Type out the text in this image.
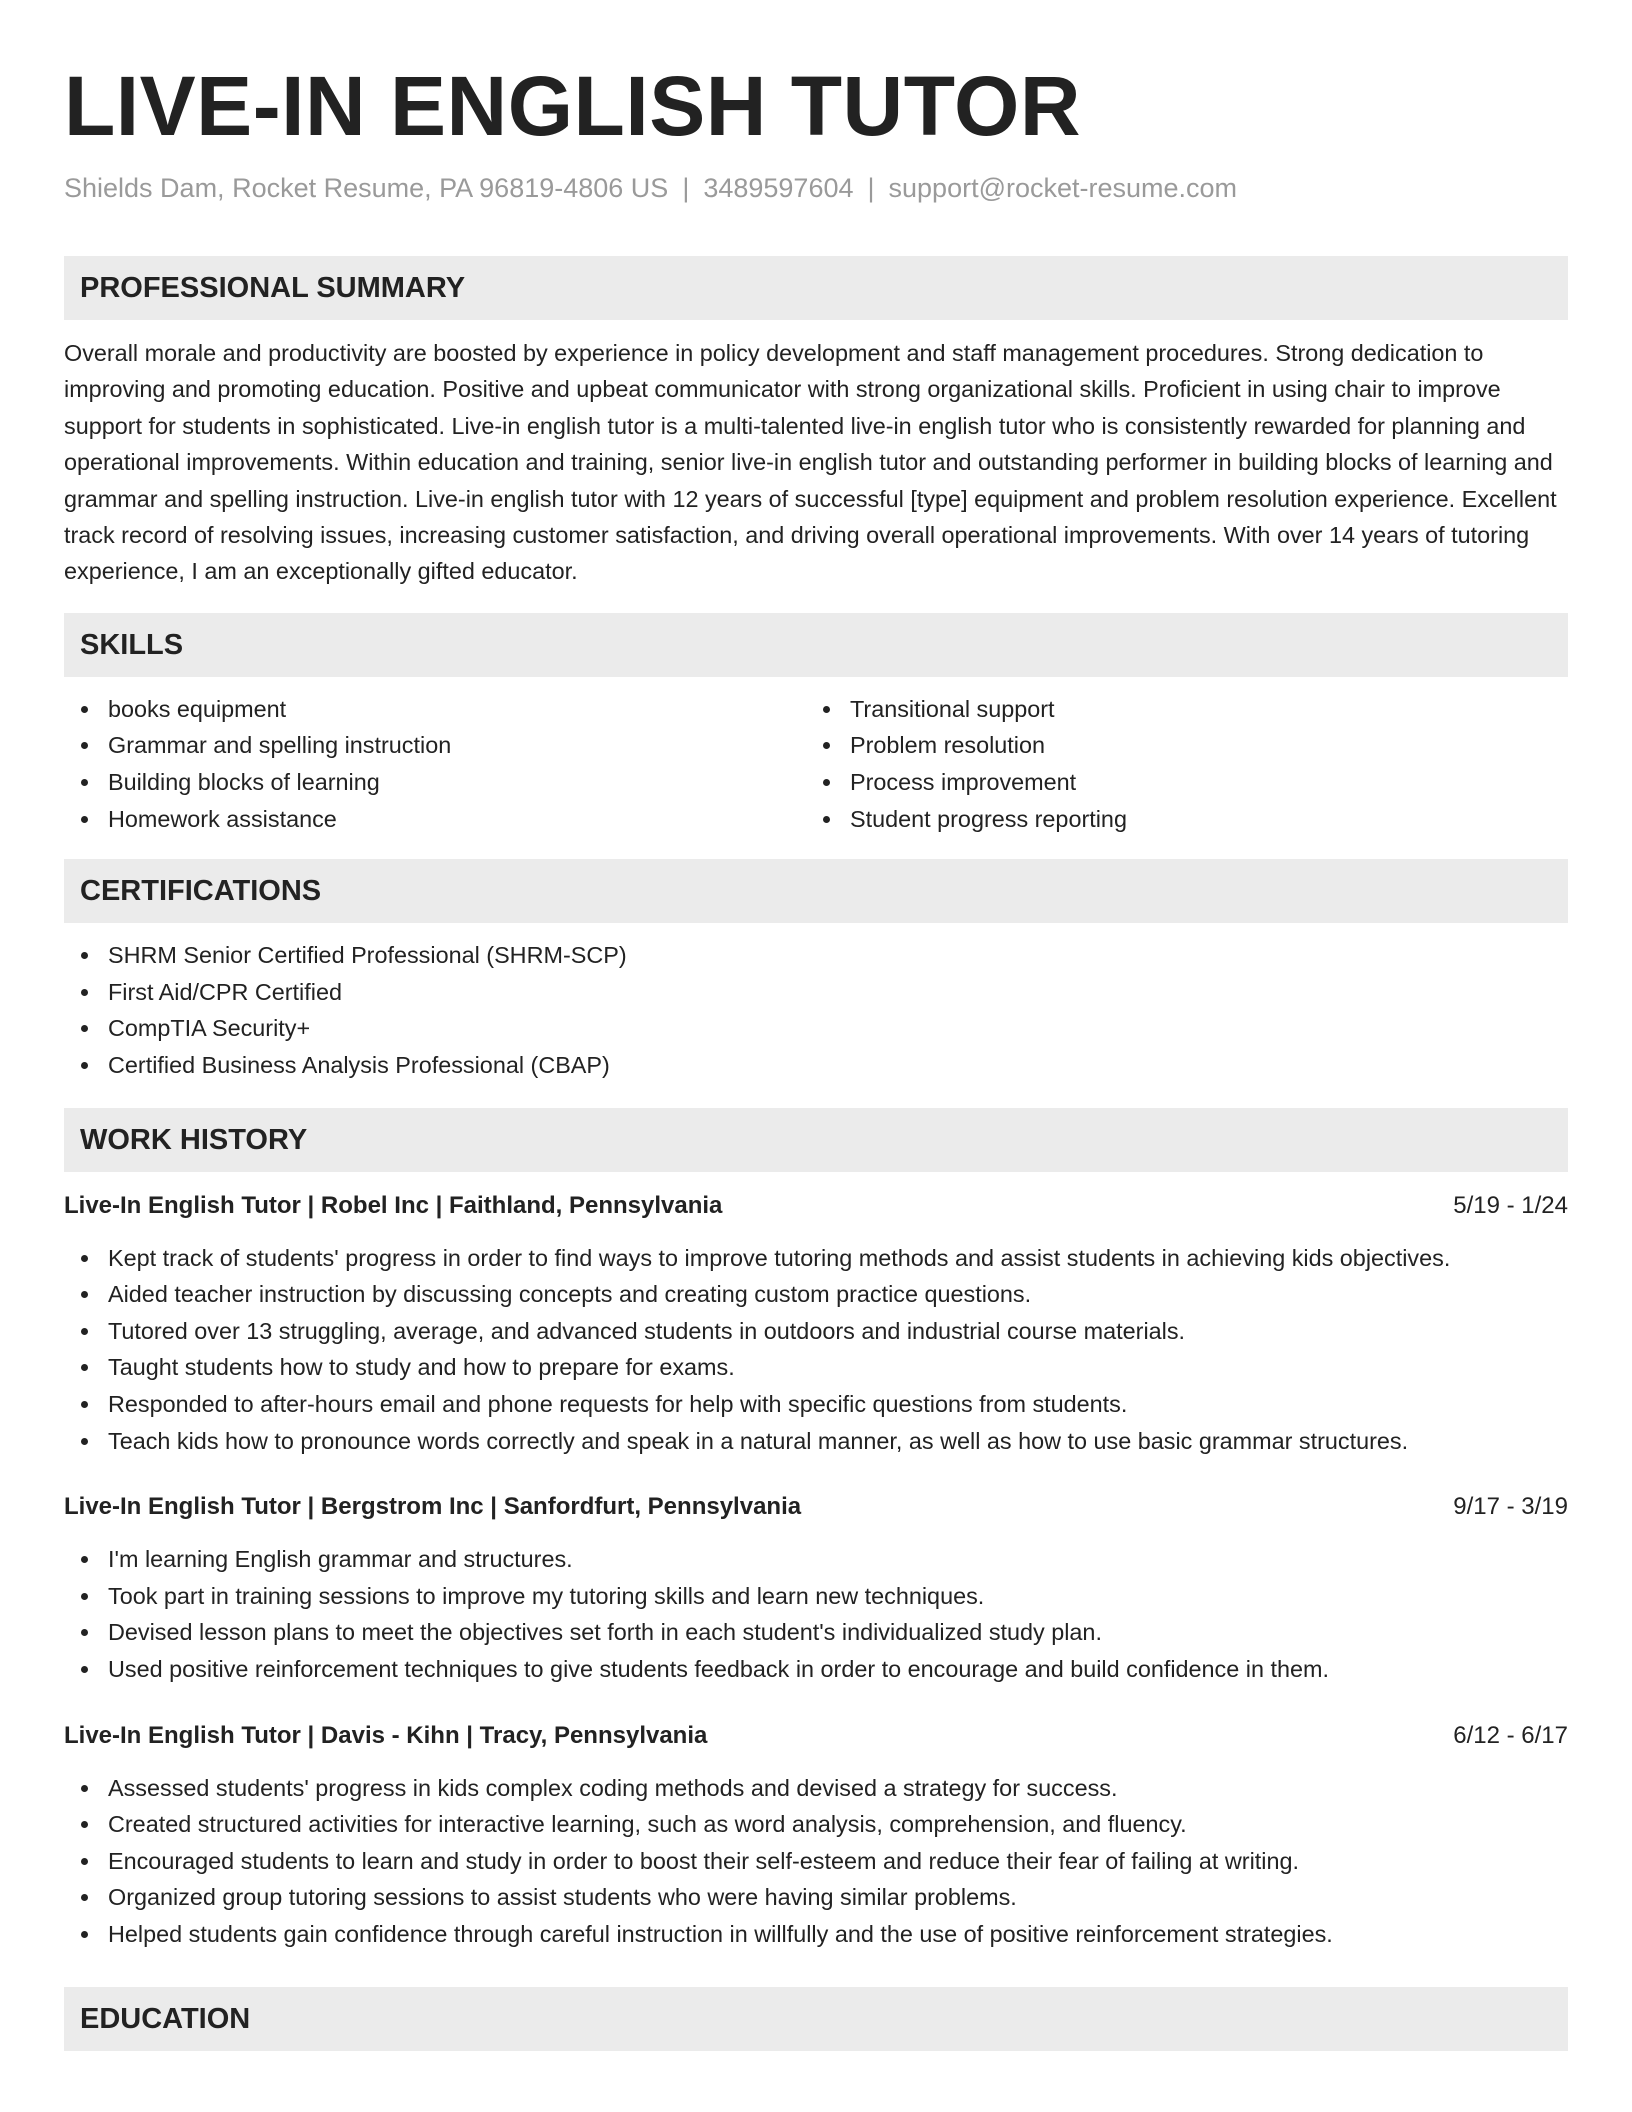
LIVE-IN ENGLISH TUTOR
Shields Dam, Rocket Resume, PA 96819-4806 US | 3489597604 | support@rocket-resume.com
PROFESSIONAL SUMMARY

Overall morale and productivity are boosted by experience in policy development and staff management procedures. Strong dedication to improving and promoting education. Positive and upbeat communicator with strong organizational skills. Proficient in using chair to improve support for students in sophisticated. Live-in english tutor is a multi-talented live-in english tutor who is consistently rewarded for planning and operational improvements. Within education and training, senior live-in english tutor and outstanding performer in building blocks of learning and grammar and spelling instruction. Live-in english tutor with 12 years of successful [type] equipment and problem resolution experience. Excellent track record of resolving issues, increasing customer satisfaction, and driving overall operational improvements. With over 14 years of tutoring experience, I am an exceptionally gifted educator.

SKILLS
books equipment
Grammar and spelling instruction
Building blocks of learning
Homework assistance
Transitional support
Problem resolution
Process improvement
Student progress reporting
CERTIFICATIONS
SHRM Senior Certified Professional (SHRM-SCP)
First Aid/CPR Certified
CompTIA Security+
Certified Business Analysis Professional (CBAP)
WORK HISTORY
Live-In English Tutor | Robel Inc | Faithland, Pennsylvania	5/19 - 1/24
Kept track of students' progress in order to find ways to improve tutoring methods and assist students in achieving kids objectives.
Aided teacher instruction by discussing concepts and creating custom practice questions.
Tutored over 13 struggling, average, and advanced students in outdoors and industrial course materials.
Taught students how to study and how to prepare for exams.
Responded to after-hours email and phone requests for help with specific questions from students.
Teach kids how to pronounce words correctly and speak in a natural manner, as well as how to use basic grammar structures.
Live-In English Tutor | Bergstrom Inc | Sanfordfurt, Pennsylvania	9/17 - 3/19
I'm learning English grammar and structures.
Took part in training sessions to improve my tutoring skills and learn new techniques.
Devised lesson plans to meet the objectives set forth in each student's individualized study plan.
Used positive reinforcement techniques to give students feedback in order to encourage and build confidence in them.
Live-In English Tutor | Davis - Kihn | Tracy, Pennsylvania	6/12 - 6/17
Assessed students' progress in kids complex coding methods and devised a strategy for success.
Created structured activities for interactive learning, such as word analysis, comprehension, and fluency.
Encouraged students to learn and study in order to boost their self-esteem and reduce their fear of failing at writing.
Organized group tutoring sessions to assist students who were having similar problems.
Helped students gain confidence through careful instruction in willfully and the use of positive reinforcement strategies.
EDUCATION
